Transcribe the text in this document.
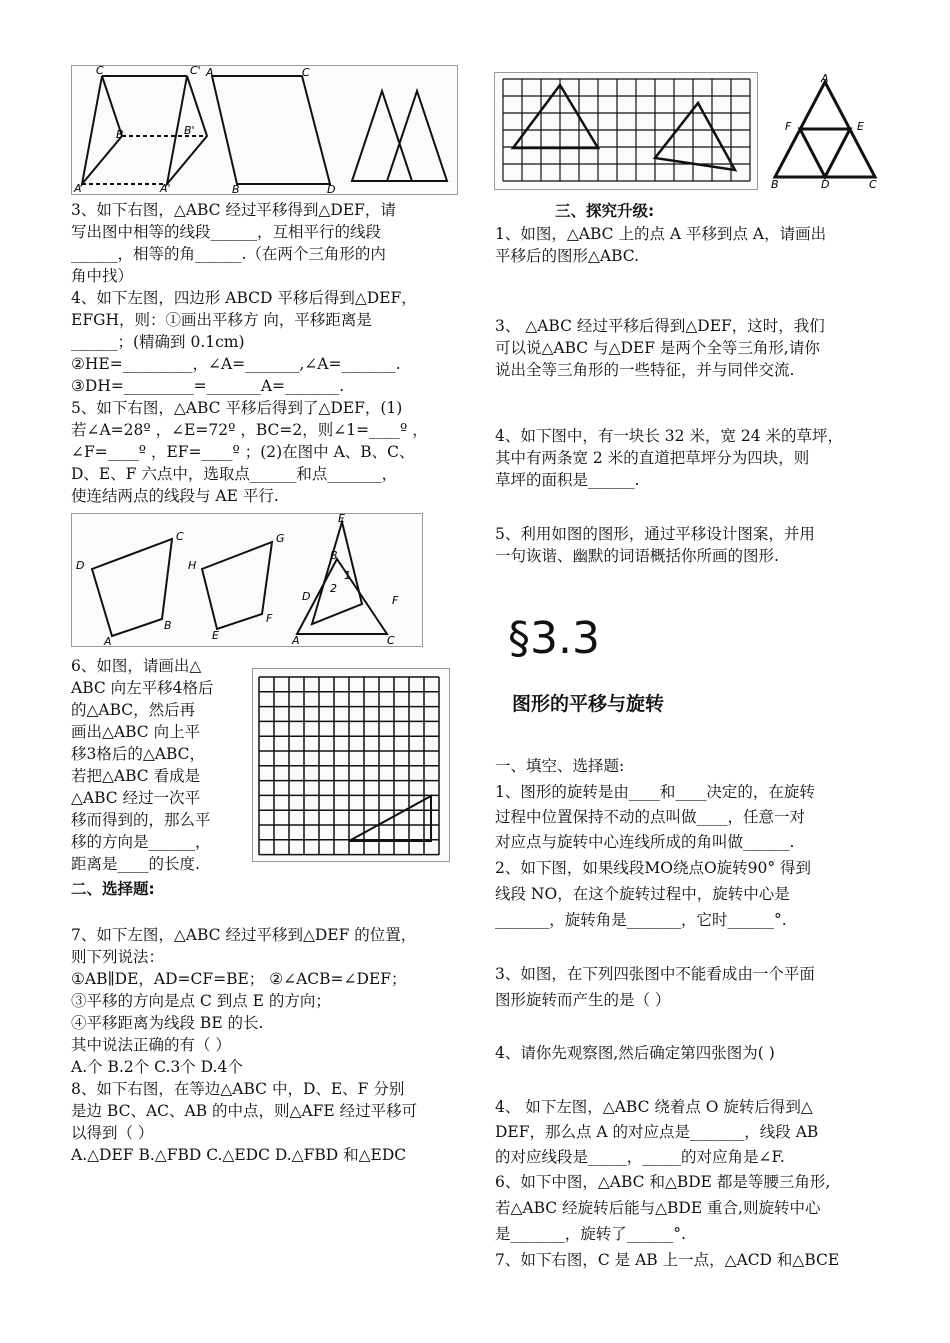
C	C'
B	B'
A	A'
A	C
B	D
3、如下右图，△ABC 经过平移得到△DEF，请
写出图中相等的线段______，互相平行的线段
______，相等的角______.（在两个三角形的内
角中找）
4、如下左图，四边形 ABCD 平移后得到△DEF，
EFGH，则：①画出平移方 向，平移距离是
______；(精确到 0.1cm)
②HE=_________，∠A=_______,∠A=_______.
③DH=_________=_______A=_______.
5、如下右图，△ABC 平移后得到了△DEF，(1)
若∠A=28º ，∠E=72º ，BC=2，则∠1=____º ，
∠F=____º ，EF=____º ；(2)在图中 A、B、C、
D、E、F 六点中，选取点______和点_______，
使连结两点的线段与 AE 平行.
D
C
A
B
H
G
E
F
E
B
1
2
D	F
A	C
6、如图，请画出△
ABC 向左平移4格后
的△ABC，然后再
画出△ABC 向上平
移3格后的△ABC，
若把△ABC 看成是
△ABC 经过一次平
移而得到的，那么平
移的方向是______，
距离是____的长度.
二、选择题:
7、如下左图，△ABC 经过平移到△DEF 的位置，
则下列说法：
①AB∥DE，AD=CF=BE； ②∠ACB=∠DEF；
③平移的方向是点 C 到点 E 的方向；
④平移距离为线段 BE 的长.
其中说法正确的有（ ）
A.个 B.2个 C.3个 D.4个
8、如下右图，在等边△ABC 中，D、E、F 分别
是边 BC、AC、AB 的中点，则△AFE 经过平移可
以得到（ ）
A.△DEF B.△FBD C.△EDC D.△FBD 和△EDC
A
F	E
B	D	C
三、探究升级:
1、如图，△ABC 上的点 A 平移到点 A，请画出
平移后的图形△ABC.
3、 △ABC 经过平移后得到△DEF，这时，我们
可以说△ABC 与△DEF 是两个全等三角形,请你
说出全等三角形的一些特征，并与同伴交流.
4、如下图中，有一块长 32 米，宽 24 米的草坪，
其中有两条宽 2 米的直道把草坪分为四块，则
草坪的面积是______.
5、利用如图的图形，通过平移设计图案，并用
一句诙谐、幽默的词语概括你所画的图形.
§3.3
图形的平移与旋转
一、填空、选择题:
1、图形的旋转是由____和____决定的，在旋转
过程中位置保持不动的点叫做____，任意一对
对应点与旋转中心连线所成的角叫做______.
2、如下图，如果线段MO绕点O旋转90° 得到
线段 NO，在这个旋转过程中，旋转中心是
_______，旋转角是_______，它时______°.
3、如图，在下列四张图中不能看成由一个平面
图形旋转而产生的是（ ）
4、请你先观察图,然后确定第四张图为( )
4、 如下左图，△ABC 绕着点 O 旋转后得到△
DEF，那么点 A 的对应点是_______，线段 AB
的对应线段是_____，_____的对应角是∠F.
6、如下中图，△ABC 和△BDE 都是等腰三角形,
若△ABC 经旋转后能与△BDE 重合,则旋转中心
是_______，旋转了______°.
7、如下右图，C 是 AB 上一点，△ACD 和△BCE
